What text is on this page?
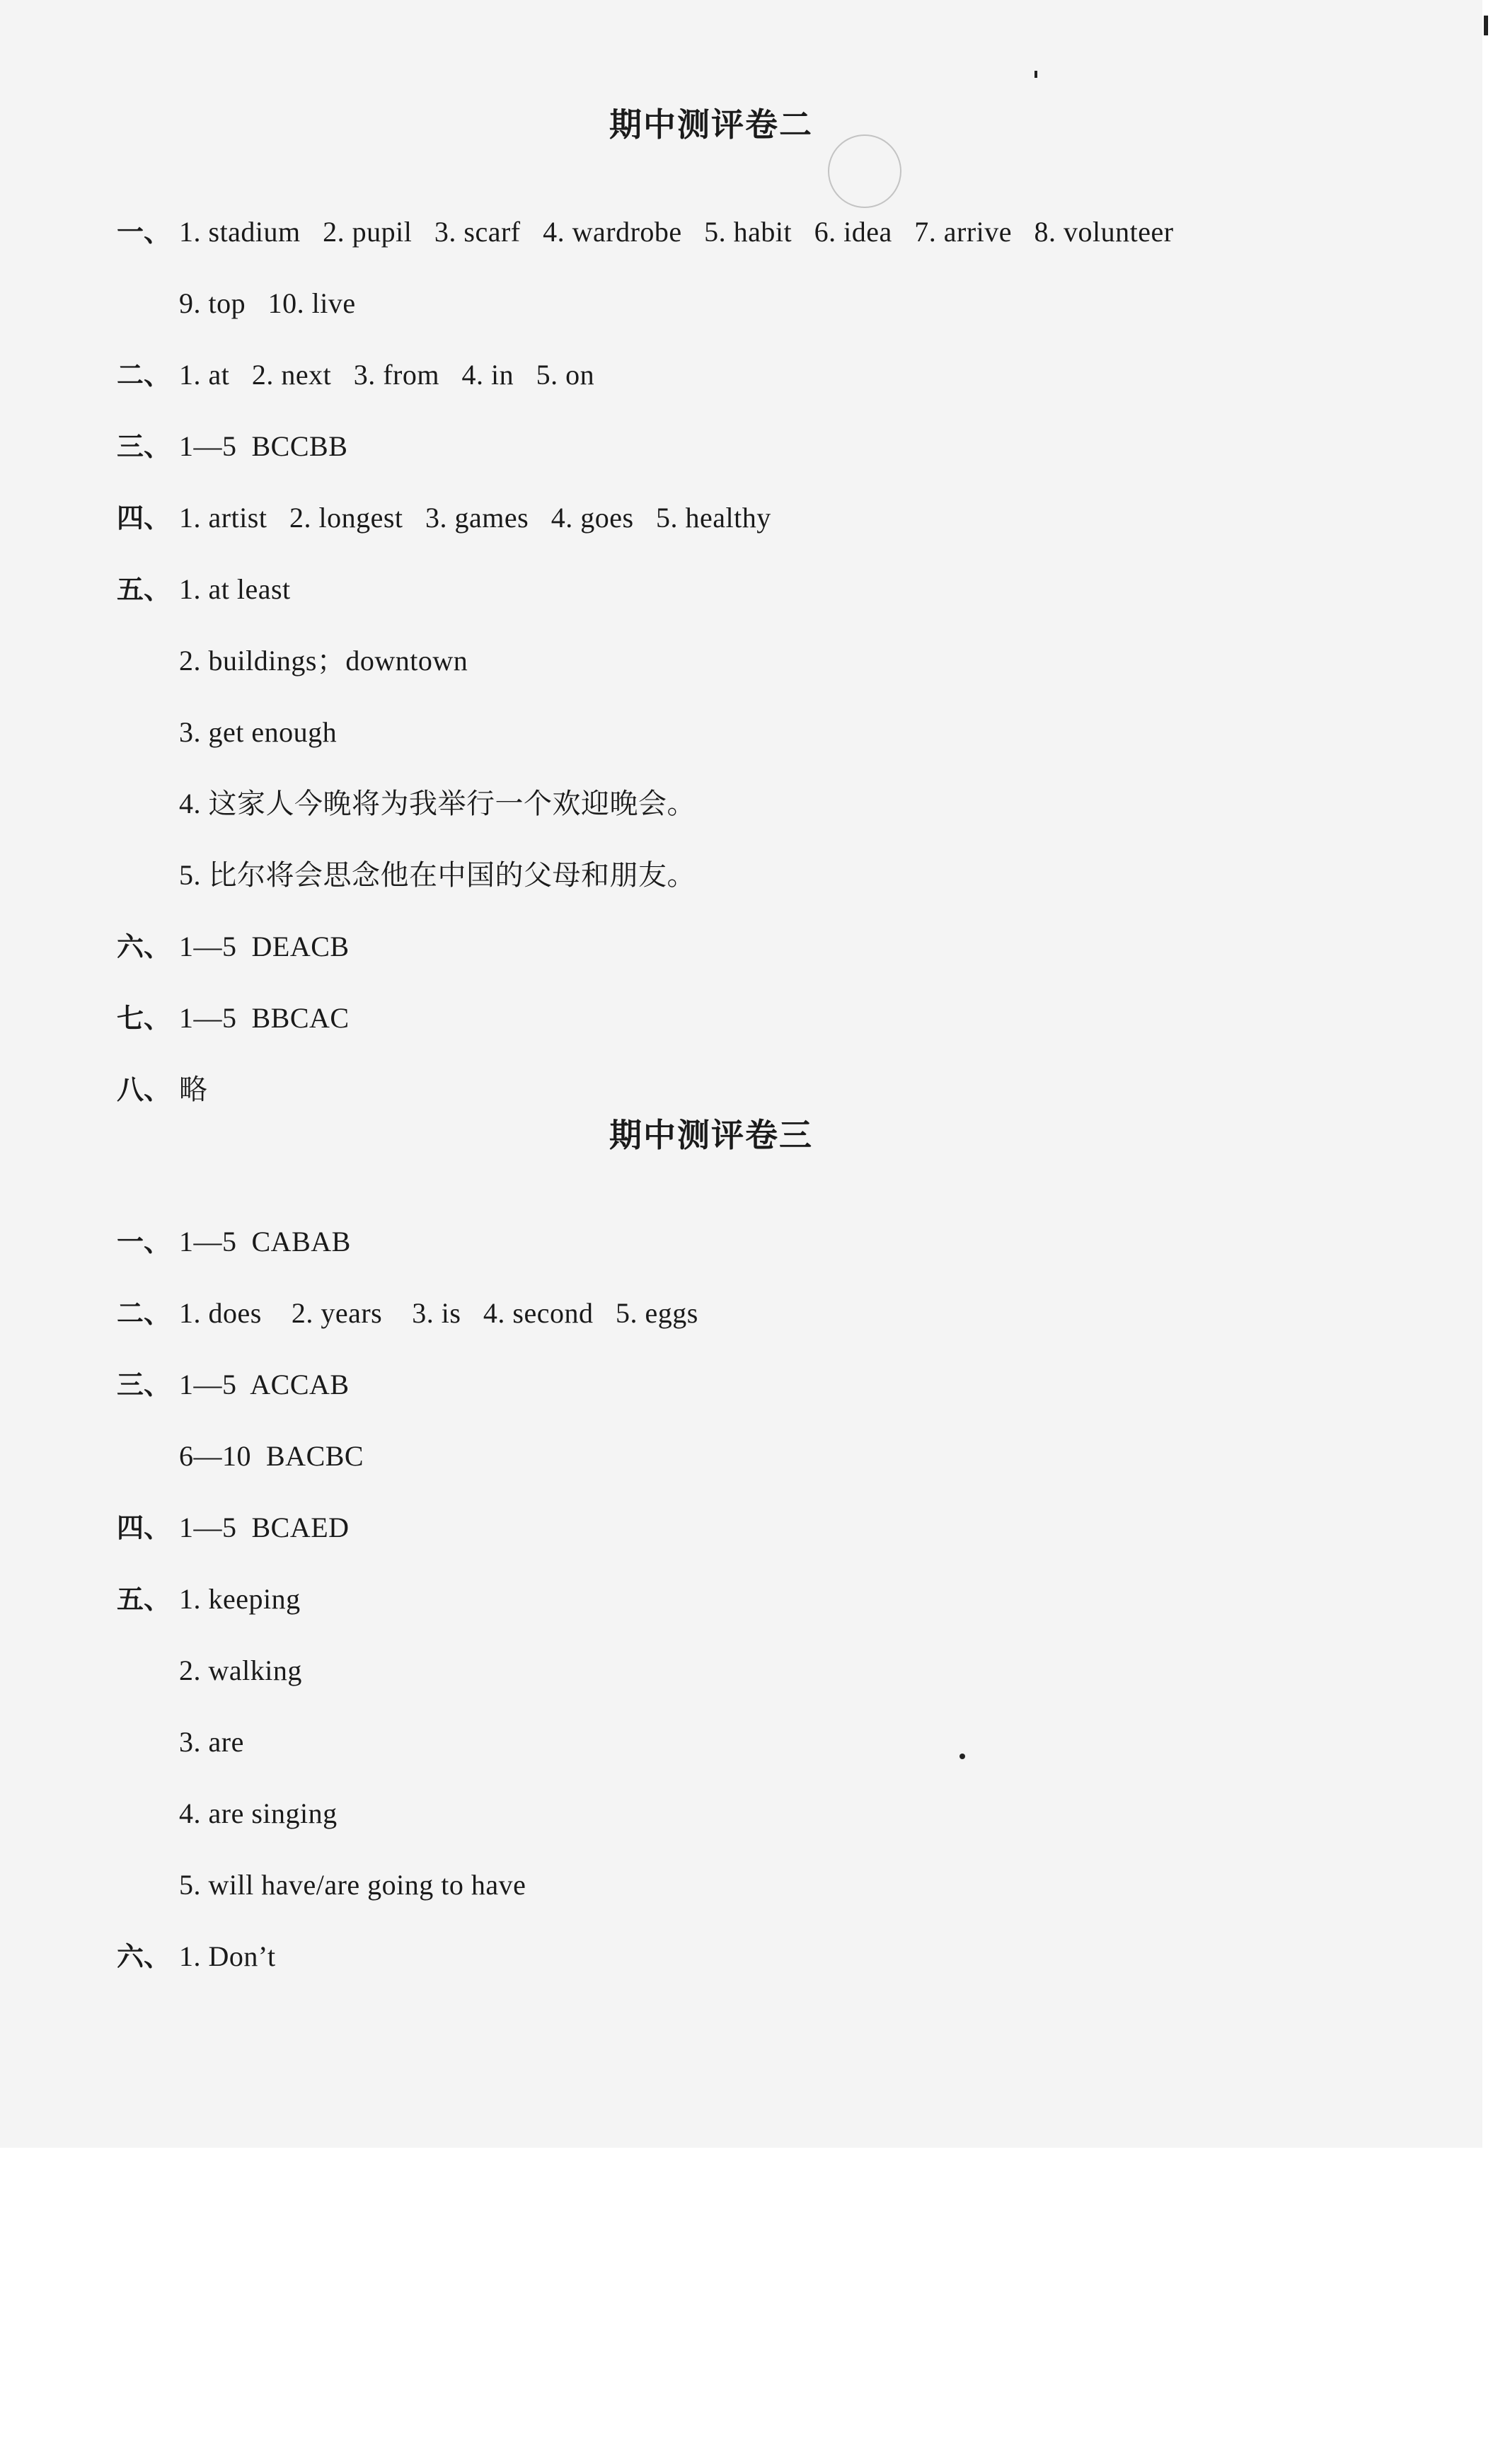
期中测评卷二

一、 1. stadium   2. pupil   3. scarf   4. wardrobe   5. habit   6. idea   7. arrive   8. volunteer

9. top   10. live

二、 1. at   2. next   3. from   4. in   5. on

三、 1—5  BCCBB

四、 1. artist   2. longest   3. games   4. goes   5. healthy

五、 1. at least

2. buildings；downtown

3. get enough

4. 这家人今晚将为我举行一个欢迎晚会。

5. 比尔将会思念他在中国的父母和朋友。

六、 1—5  DEACB

七、 1—5  BBCAC

八、 略

期中测评卷三

一、 1—5  CABAB

二、 1. does    2. years    3. is   4. second   5. eggs

三、 1—5  ACCAB

6—10  BACBC

四、 1—5  BCAED

五、 1. keeping

2. walking

3. are

4. are singing

5. will have/are going to have

六、 1. Don’t
